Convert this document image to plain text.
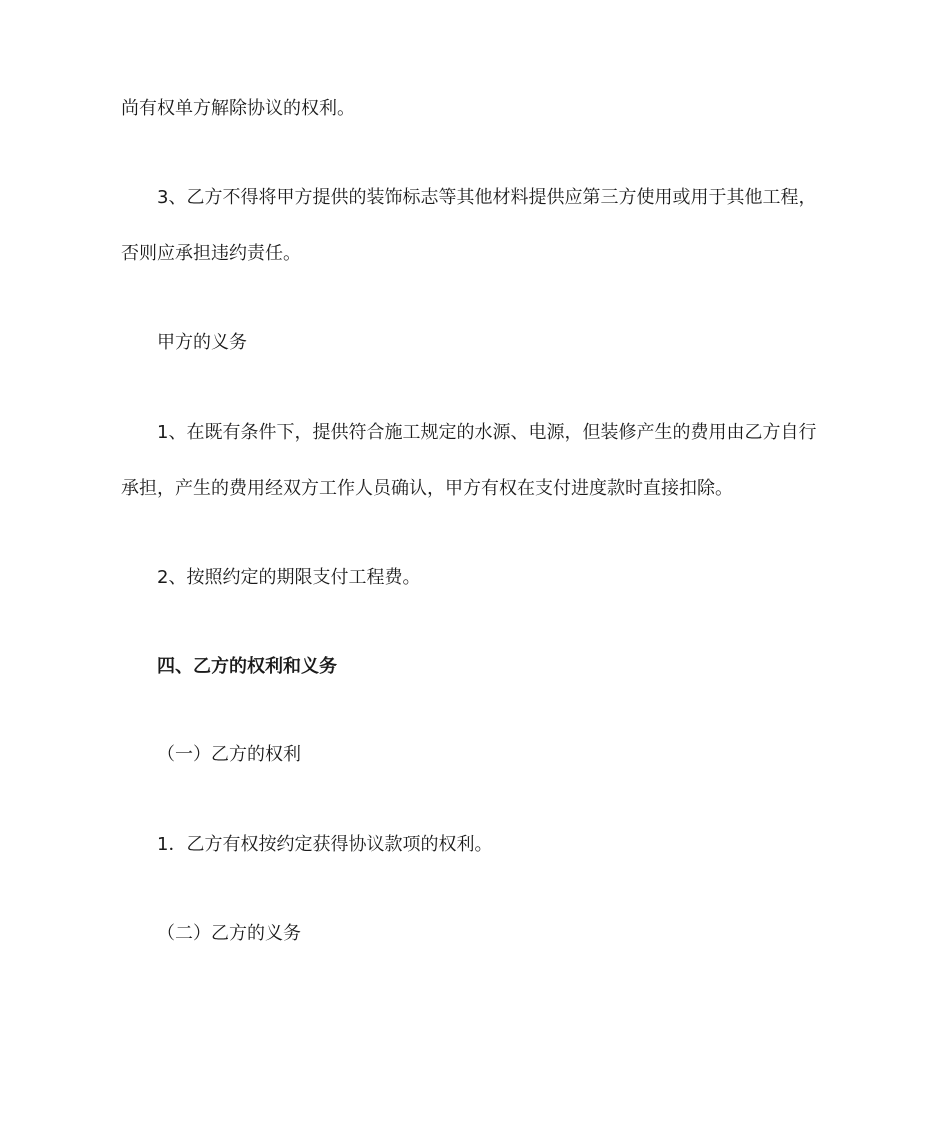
尚有权单方解除协议的权利。

3、乙方不得将甲方提供的装饰标志等其他材料提供应第三方使用或用于其他工程，

否则应承担违约责任。

甲方的义务

1、在既有条件下，提供符合施工规定的水源、电源，但装修产生的费用由乙方自行

承担，产生的费用经双方工作人员确认，甲方有权在支付进度款时直接扣除。

2、按照约定的期限支付工程费。

四、乙方的权利和义务

（一）乙方的权利

1．乙方有权按约定获得协议款项的权利。

（二）乙方的义务
